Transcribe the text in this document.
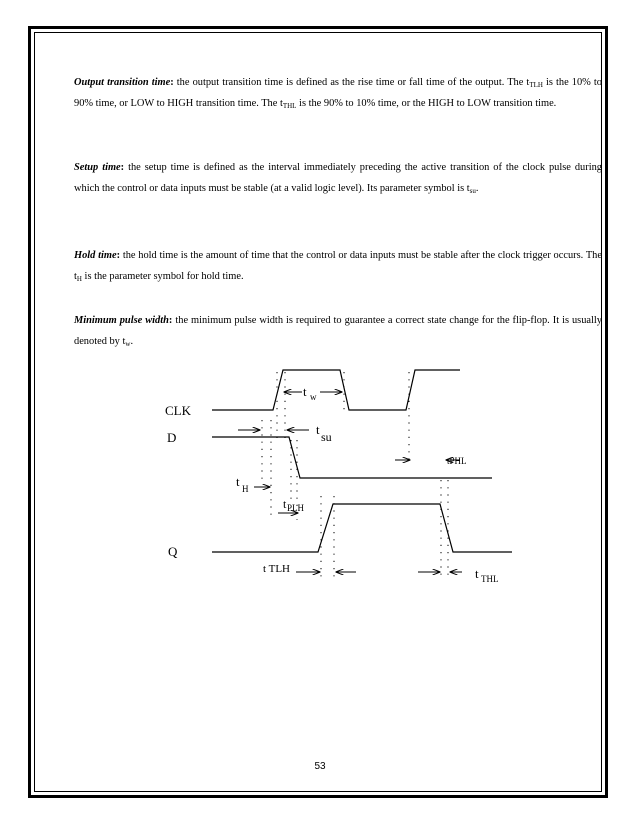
Output transition time: the output transition time is defined as the rise time or fall time of the output. The $t_{TLH}$ is the 10% to 90% time, or LOW to HIGH transition time. The $t_{THL}$ is the 90% to 10% time, or the HIGH to LOW transition time.

Setup time: the setup time is defined as the interval immediately preceding the active transition of the clock pulse during which the control or data inputs must be stable (at a valid logic level). Its parameter symbol is $t_{su}$.

Hold time: the hold time is the amount of time that the control or data inputs must be stable after the clock trigger occurs. The $t_H$ is the parameter symbol for hold time.

Minimum pulse width: the minimum pulse width is required to guarantee a correct state change for the flip-flop. It is usually denoted by $t_w$.

CLK
D
Q
t w
t su
tPHL
t H
t PLH
t TLH	t THL
53
